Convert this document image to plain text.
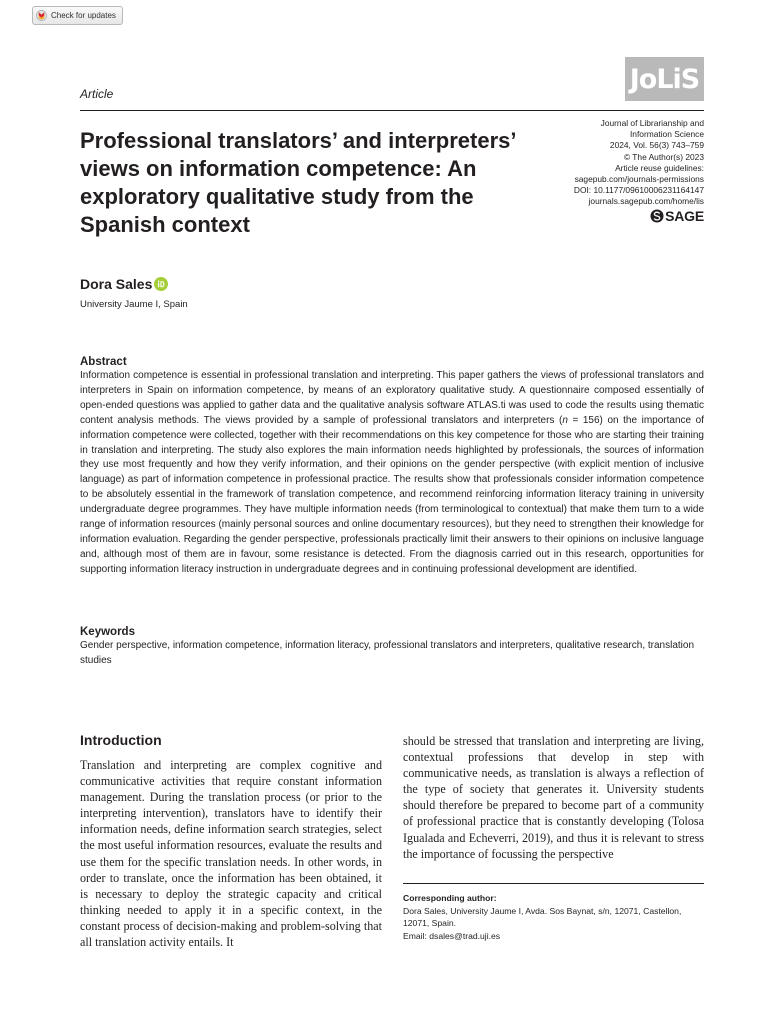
Check for updates
Article	JoLiS
Professional translators’ and interpreters’ views on information competence: An exploratory qualitative study from the Spanish context
Journal of Librarianship and
Information Science
2024, Vol. 56(3) 743–759
© The Author(s) 2023
Article reuse guidelines:
sagepub.com/journals-permissions
DOI: 10.1177/09610006231164147
journals.sagepub.com/home/lis
SAGE
Dora Sales
University Jaume I, Spain
Abstract

Information competence is essential in professional translation and interpreting. This paper gathers the views of professional translators and interpreters in Spain on information competence, by means of an exploratory qualitative study. A questionnaire composed essentially of open-ended questions was applied to gather data and the qualitative analysis software ATLAS.ti was used to code the results using thematic content analysis methods. The views provided by a sample of professional translators and interpreters (n = 156) on the importance of information competence were collected, together with their recommendations on this key competence for those who are starting their training in translation and interpreting. The study also explores the main information needs highlighted by professionals, the sources of information they use most frequently and how they verify information, and their opinions on the gender perspective (with explicit mention of inclusive language) as part of information competence in professional practice. The results show that professionals consider information competence to be absolutely essential in the framework of translation competence, and recommend reinforcing information literacy training in university undergraduate degree programmes. They have multiple information needs (from terminological to contextual) that make them turn to a wide range of information resources (mainly personal sources and online documentary resources), but they need to strengthen their knowledge for information evaluation. Regarding the gender perspective, professionals practically limit their answers to their opinions on inclusive language and, although most of them are in favour, some resistance is detected. From the diagnosis carried out in this research, opportunities for supporting information literacy instruction in undergraduate degrees and in continuing professional development are identified.

Keywords

Gender perspective, information competence, information literacy, professional translators and interpreters, qualitative research, translation studies

Introduction

Translation and interpreting are complex cognitive and communicative activities that require constant information management. During the translation process (or prior to the interpreting intervention), translators have to identify their information needs, define information search strategies, select the most useful information resources, evaluate the results and use them for the specific translation needs. In other words, in order to translate, once the information has been obtained, it is necessary to deploy the strategic capacity and critical thinking needed to apply it in a specific context, in the constant process of decision-making and problem-solving that all translation activity entails. It

should be stressed that translation and interpreting are living, contextual professions that develop in step with communicative needs, as translation is always a reflection of the type of society that generates it. University students should therefore be prepared to become part of a community of professional practice that is constantly developing (Tolosa Igualada and Echeverri, 2019), and thus it is relevant to stress the importance of focussing the perspective

Corresponding author:
Dora Sales, University Jaume I, Avda. Sos Baynat, s/n, 12071, Castellon,
12071, Spain.
Email: dsales@trad.uji.es
